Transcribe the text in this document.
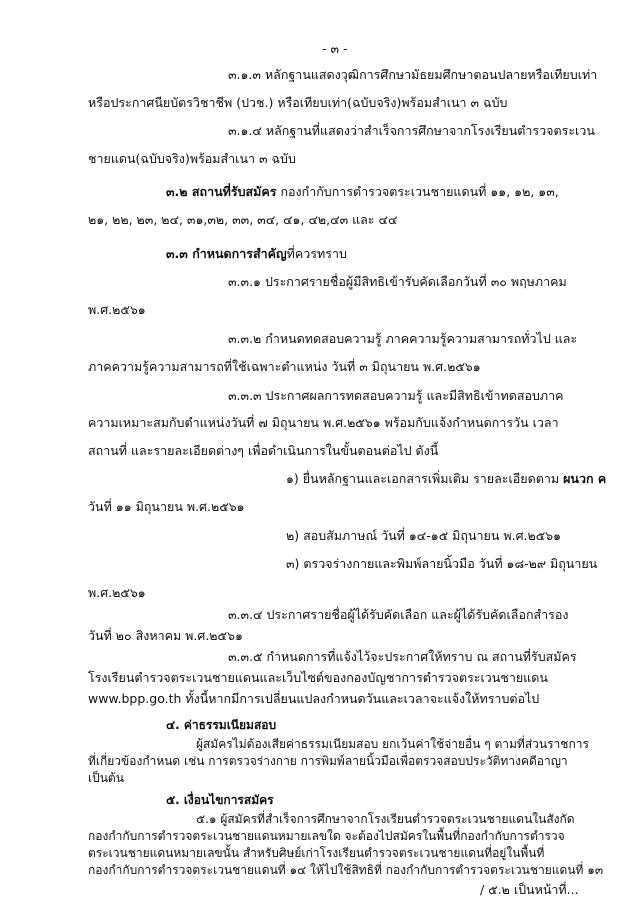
- ๓ -
๓.๑.๓ หลักฐานแสดงวุฒิการศึกษามัธยมศึกษาตอนปลายหรือเทียบเท่า
หรือประกาศนียบัตรวิชาชีพ (ปวช.) หรือเทียบเท่า(ฉบับจริง)พร้อมสำเนา ๓ ฉบับ
๓.๑.๔ หลักฐานที่แสดงว่าสำเร็จการศึกษาจากโรงเรียนตำรวจตระเวน
ชายแดน(ฉบับจริง)พร้อมสำเนา ๓ ฉบับ
๓.๒ สถานที่รับสมัคร กองกำกับการตำรวจตระเวนชายแดนที่ ๑๑, ๑๒, ๑๓,
๒๑, ๒๒, ๒๓, ๒๔, ๓๑,๓๒, ๓๓, ๓๔, ๔๑, ๔๒,๔๓ และ ๔๔
๓.๓ กำหนดการสำคัญที่ควรทราบ
๓.๓.๑ ประกาศรายชื่อผู้มีสิทธิเข้ารับคัดเลือกวันที่ ๓๐ พฤษภาคม
พ.ศ.๒๕๖๑
๓.๓.๒ กำหนดทดสอบความรู้ ภาคความรู้ความสามารถทั่วไป และ
ภาคความรู้ความสามารถที่ใช้เฉพาะตำแหน่ง วันที่ ๓ มิถุนายน พ.ศ.๒๕๖๑
๓.๓.๓ ประกาศผลการทดสอบความรู้ และมีสิทธิเข้าทดสอบภาค
ความเหมาะสมกับตำแหน่งวันที่ ๗ มิถุนายน พ.ศ.๒๕๖๑ พร้อมกับแจ้งกำหนดการวัน เวลา
สถานที่ และรายละเอียดต่างๆ เพื่อดำเนินการในขั้นตอนต่อไป ดังนี้
๑) ยื่นหลักฐานและเอกสารเพิ่มเติม รายละเอียดตาม ผนวก ค
วันที่ ๑๑ มิถุนายน พ.ศ.๒๕๖๑
๒) สอบสัมภาษณ์ วันที่ ๑๔-๑๕ มิถุนายน พ.ศ.๒๕๖๑
๓) ตรวจร่างกายและพิมพ์ลายนิ้วมือ วันที่ ๑๘-๒๙ มิถุนายน
พ.ศ.๒๕๖๑
๓.๓.๔ ประกาศรายชื่อผู้ได้รับคัดเลือก และผู้ได้รับคัดเลือกสำรอง
วันที่ ๒๐ สิงหาคม พ.ศ.๒๕๖๑
๓.๓.๕ กำหนดการที่แจ้งไว้จะประกาศให้ทราบ ณ สถานที่รับสมัคร
โรงเรียนตำรวจตระเวนชายแดนและเว็บไซต์ของกองบัญชาการตำรวจตระเวนชายแดน
www.bpp.go.th ทั้งนี้หากมีการเปลี่ยนแปลงกำหนดวันและเวลาจะแจ้งให้ทราบต่อไป
/ ๕.๒ เป็นหน้าที่...
๔. ค่าธรรมเนียมสอบ
ผู้สมัครไม่ต้องเสียค่าธรรมเนียมสอบ ยกเว้นค่าใช้จ่ายอื่น ๆ ตามที่ส่วนราชการ
ที่เกี่ยวข้องกำหนด เช่น การตรวจร่างกาย การพิมพ์ลายนิ้วมือเพื่อตรวจสอบประวัติทางคดีอาญา
เป็นต้น
๕. เงื่อนไขการสมัคร
๕.๑ ผู้สมัครที่สำเร็จการศึกษาจากโรงเรียนตำรวจตระเวนชายแดนในสังกัด
กองกำกับการตำรวจตระเวนชายแดนหมายเลขใด จะต้องไปสมัครในพื้นที่กองกำกับการตำรวจ
ตระเวนชายแดนหมายเลขนั้น สำหรับศิษย์เก่าโรงเรียนตำรวจตระเวนชายแดนที่อยู่ในพื้นที่
กองกำกับการตำรวจตระเวนชายแดนที่ ๑๔ ให้ไปใช้สิทธิที่ กองกำกับการตำรวจตระเวนชายแดนที่ ๑๓
